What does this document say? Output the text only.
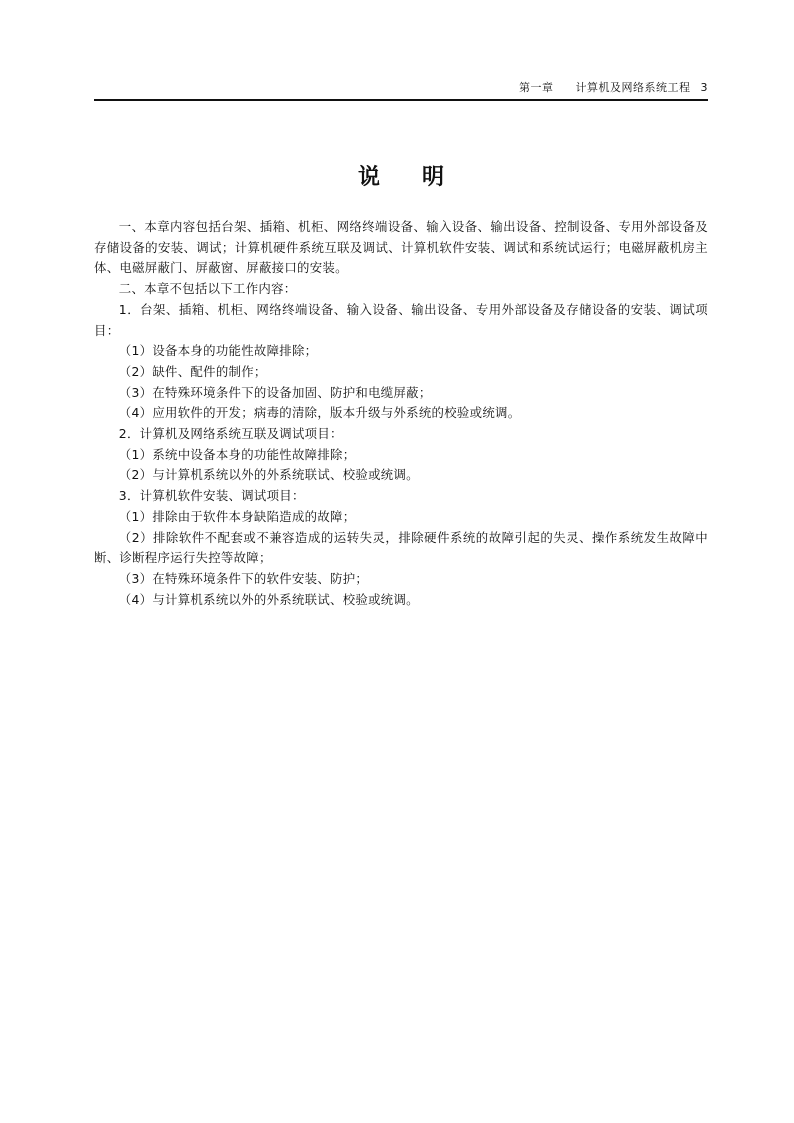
第一章 计算机及网络系统工程 3
说明

一、本章内容包括台架、插箱、机柜、网络终端设备、输入设备、输出设备、控制设备、专用外部设备及存储设备的安装、调试；计算机硬件系统互联及调试、计算机软件安装、调试和系统试运行；电磁屏蔽机房主体、电磁屏蔽门、屏蔽窗、屏蔽接口的安装。

二、本章不包括以下工作内容：

1．台架、插箱、机柜、网络终端设备、输入设备、输出设备、专用外部设备及存储设备的安装、调试项目：

（1）设备本身的功能性故障排除；

（2）缺件、配件的制作；

（3）在特殊环境条件下的设备加固、防护和电缆屏蔽；

（4）应用软件的开发；病毒的清除，版本升级与外系统的校验或统调。

2．计算机及网络系统互联及调试项目：

（1）系统中设备本身的功能性故障排除；

（2）与计算机系统以外的外系统联试、校验或统调。

3．计算机软件安装、调试项目：

（1）排除由于软件本身缺陷造成的故障；

（2）排除软件不配套或不兼容造成的运转失灵，排除硬件系统的故障引起的失灵、操作系统发生故障中断、诊断程序运行失控等故障；

（3）在特殊环境条件下的软件安装、防护；

（4）与计算机系统以外的外系统联试、校验或统调。
